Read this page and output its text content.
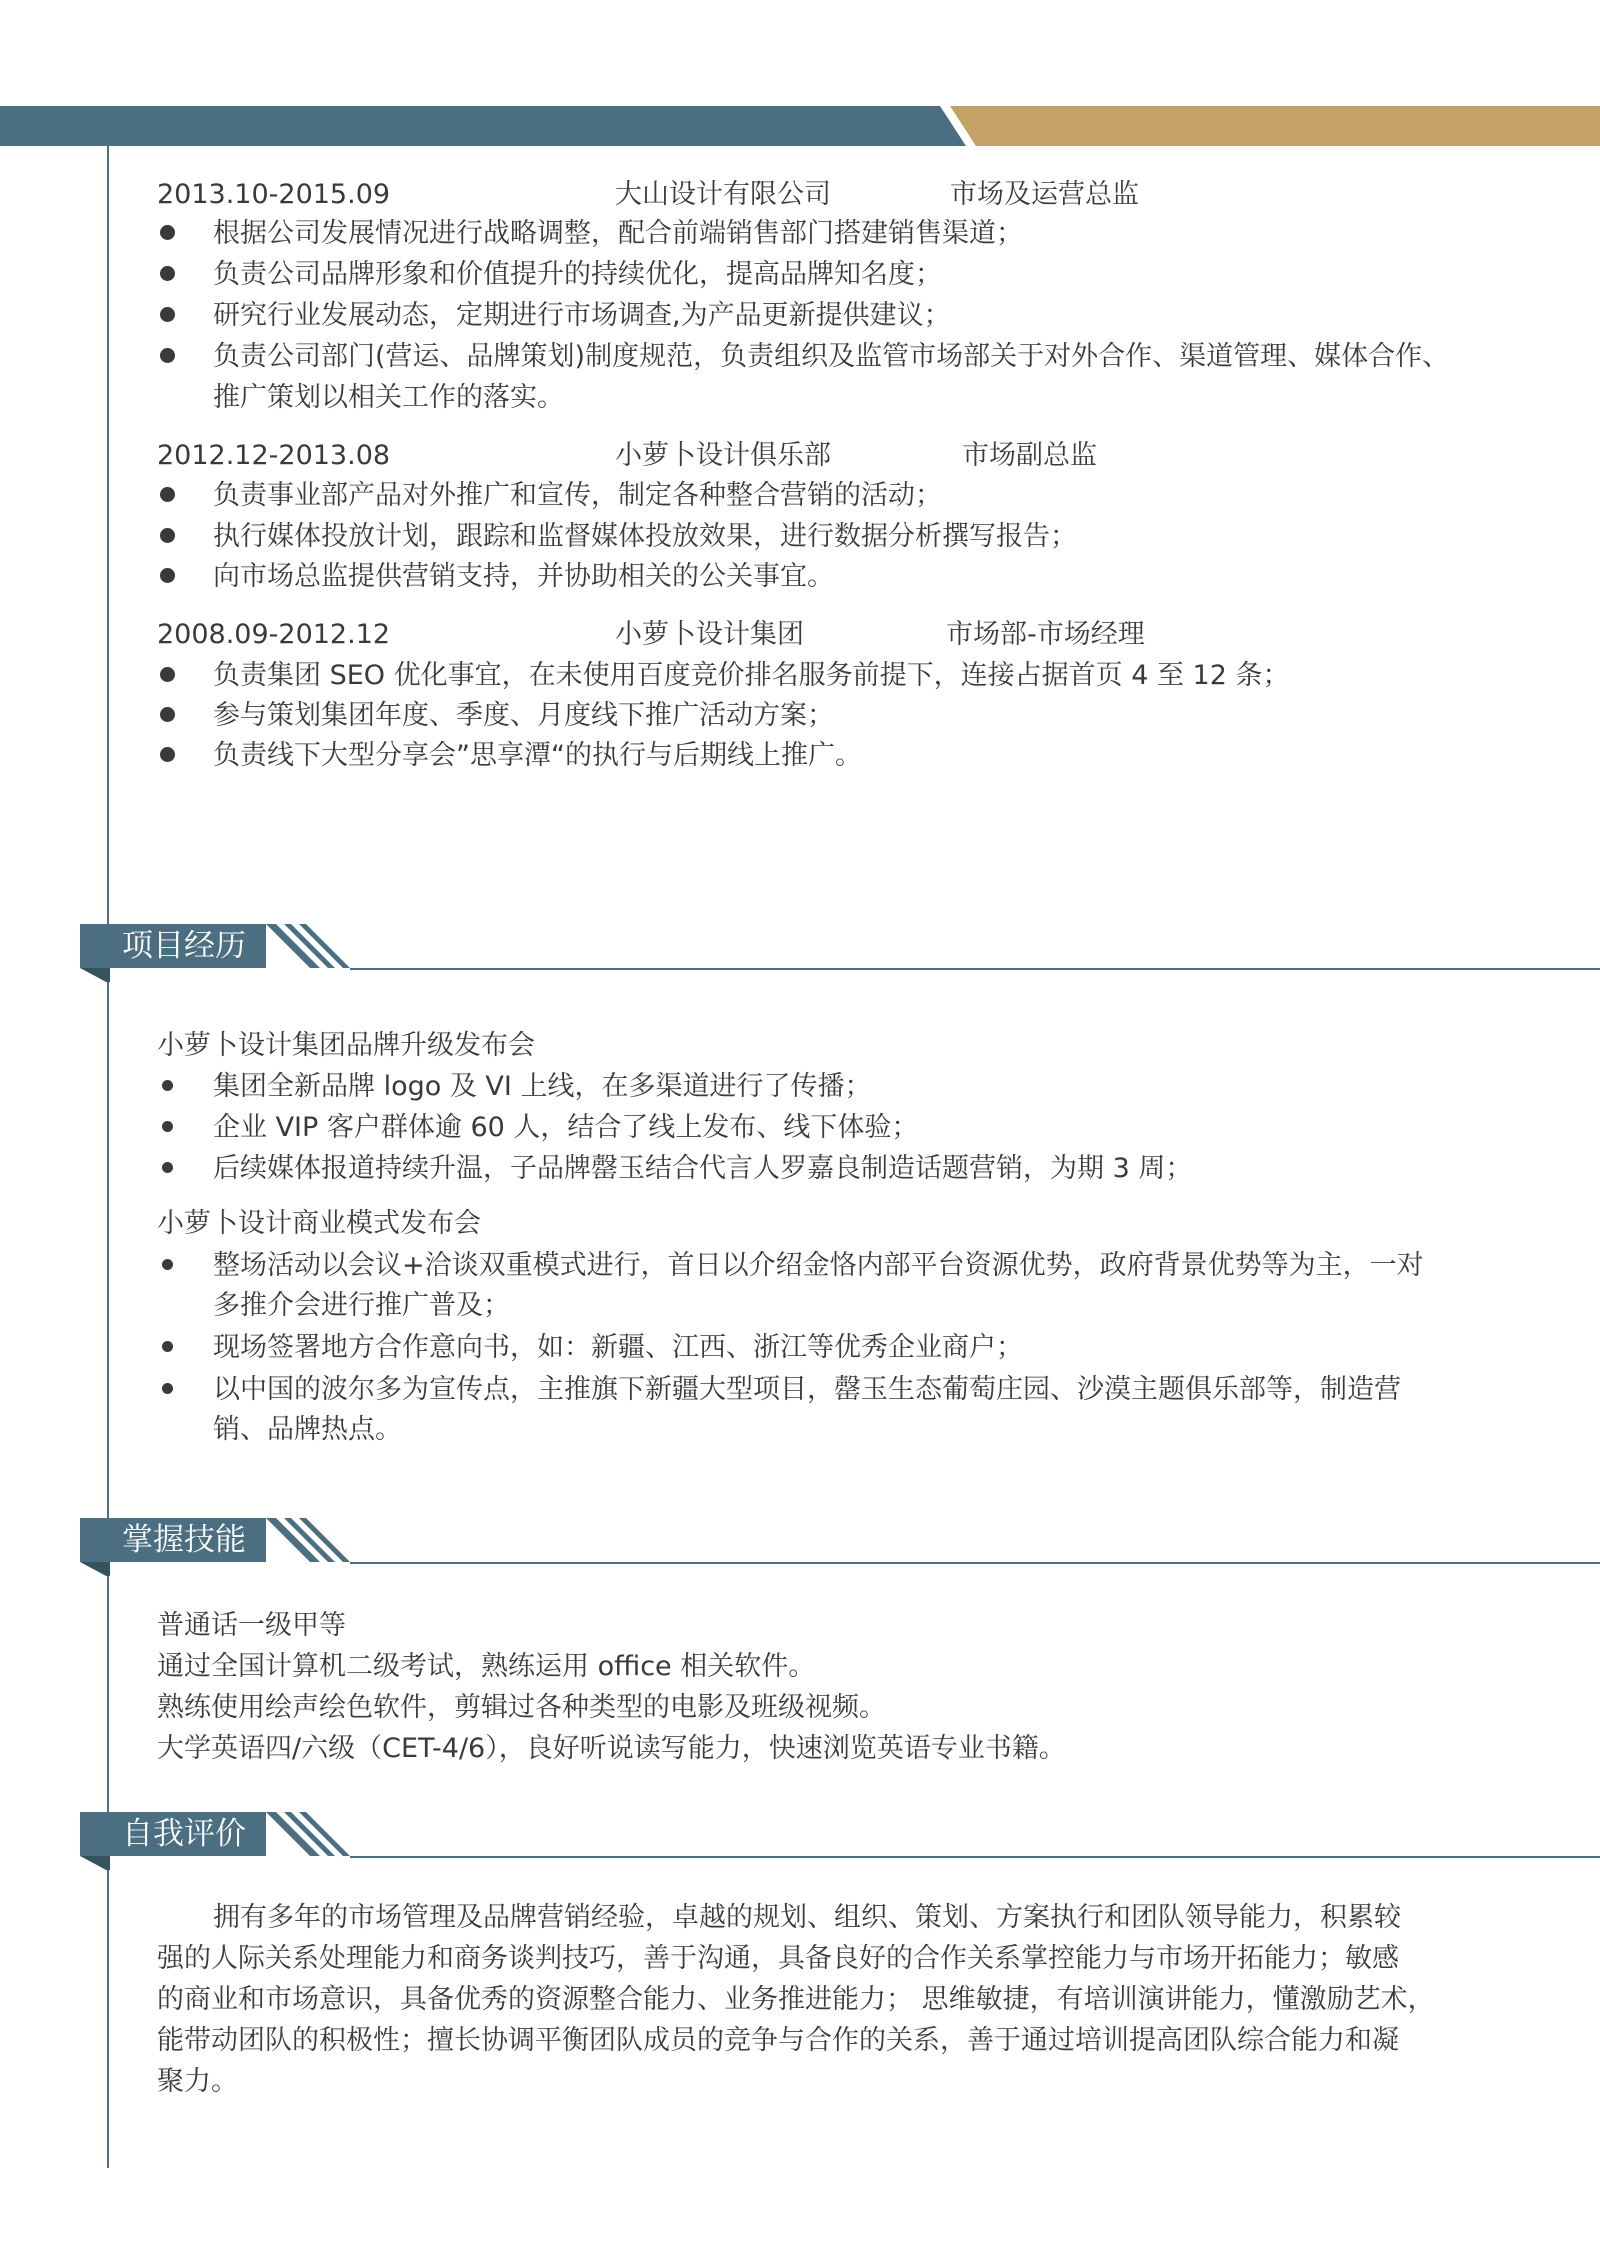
2013.10-2015.09	大山设计有限公司	市场及运营总监
根据公司发展情况进行战略调整，配合前端销售部门搭建销售渠道；
负责公司品牌形象和价值提升的持续优化，提高品牌知名度；
研究行业发展动态，定期进行市场调查,为产品更新提供建议；
负责公司部门(营运、品牌策划)制度规范，负责组织及监管市场部关于对外合作、渠道管理、媒体合作、
推广策划以相关工作的落实。
2012.12-2013.08	小萝卜设计俱乐部	市场副总监
负责事业部产品对外推广和宣传，制定各种整合营销的活动；
执行媒体投放计划，跟踪和监督媒体投放效果，进行数据分析撰写报告；
向市场总监提供营销支持，并协助相关的公关事宜。
2008.09-2012.12	小萝卜设计集团	市场部-市场经理
负责集团 SEO 优化事宜，在未使用百度竞价排名服务前提下，连接占据首页 4 至 12 条；
参与策划集团年度、季度、月度线下推广活动方案；
负责线下大型分享会”思享潭“的执行与后期线上推广。
项目经历
小萝卜设计集团品牌升级发布会
集团全新品牌 logo 及 VI 上线，在多渠道进行了传播；
企业 VIP 客户群体逾 60 人，结合了线上发布、线下体验；
后续媒体报道持续升温，子品牌罄玉结合代言人罗嘉良制造话题营销，为期 3 周；
小萝卜设计商业模式发布会
整场活动以会议+洽谈双重模式进行，首日以介绍金恪内部平台资源优势，政府背景优势等为主，一对
多推介会进行推广普及；
现场签署地方合作意向书，如：新疆、江西、浙江等优秀企业商户；
以中国的波尔多为宣传点，主推旗下新疆大型项目，罄玉生态葡萄庄园、沙漠主题俱乐部等，制造营
销、品牌热点。
掌握技能
普通话一级甲等
通过全国计算机二级考试，熟练运用 office 相关软件。
熟练使用绘声绘色软件，剪辑过各种类型的电影及班级视频。
大学英语四/六级（CET-4/6），良好听说读写能力，快速浏览英语专业书籍。
自我评价
拥有多年的市场管理及品牌营销经验，卓越的规划、组织、策划、方案执行和团队领导能力，积累较
强的人际关系处理能力和商务谈判技巧，善于沟通，具备良好的合作关系掌控能力与市场开拓能力；敏感
的商业和市场意识，具备优秀的资源整合能力、业务推进能力； 思维敏捷，有培训演讲能力，懂激励艺术，
能带动团队的积极性；擅长协调平衡团队成员的竞争与合作的关系，善于通过培训提高团队综合能力和凝
聚力。
